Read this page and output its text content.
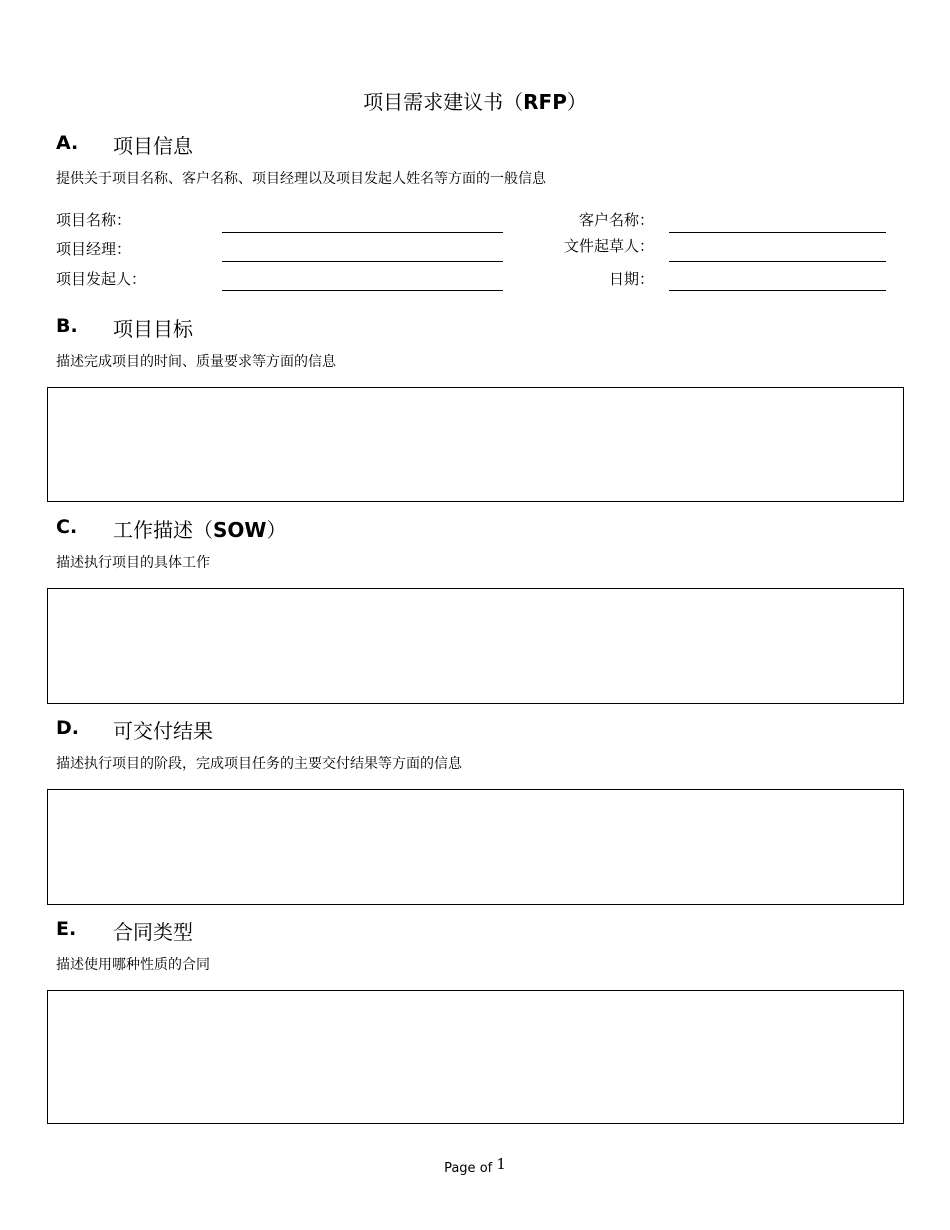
项目需求建议书（RFP）
A. 项目信息
提供关于项目名称、客户名称、项目经理以及项目发起人姓名等方面的一般信息
项目名称：
项目经理：
项目发起人：
客户名称：
文件起草人：
日期：
B. 项目目标
描述完成项目的时间、质量要求等方面的信息
C. 工作描述（SOW）
描述执行项目的具体工作
D. 可交付结果
描述执行项目的阶段，完成项目任务的主要交付结果等方面的信息
E. 合同类型
描述使用哪种性质的合同
Page of 1
